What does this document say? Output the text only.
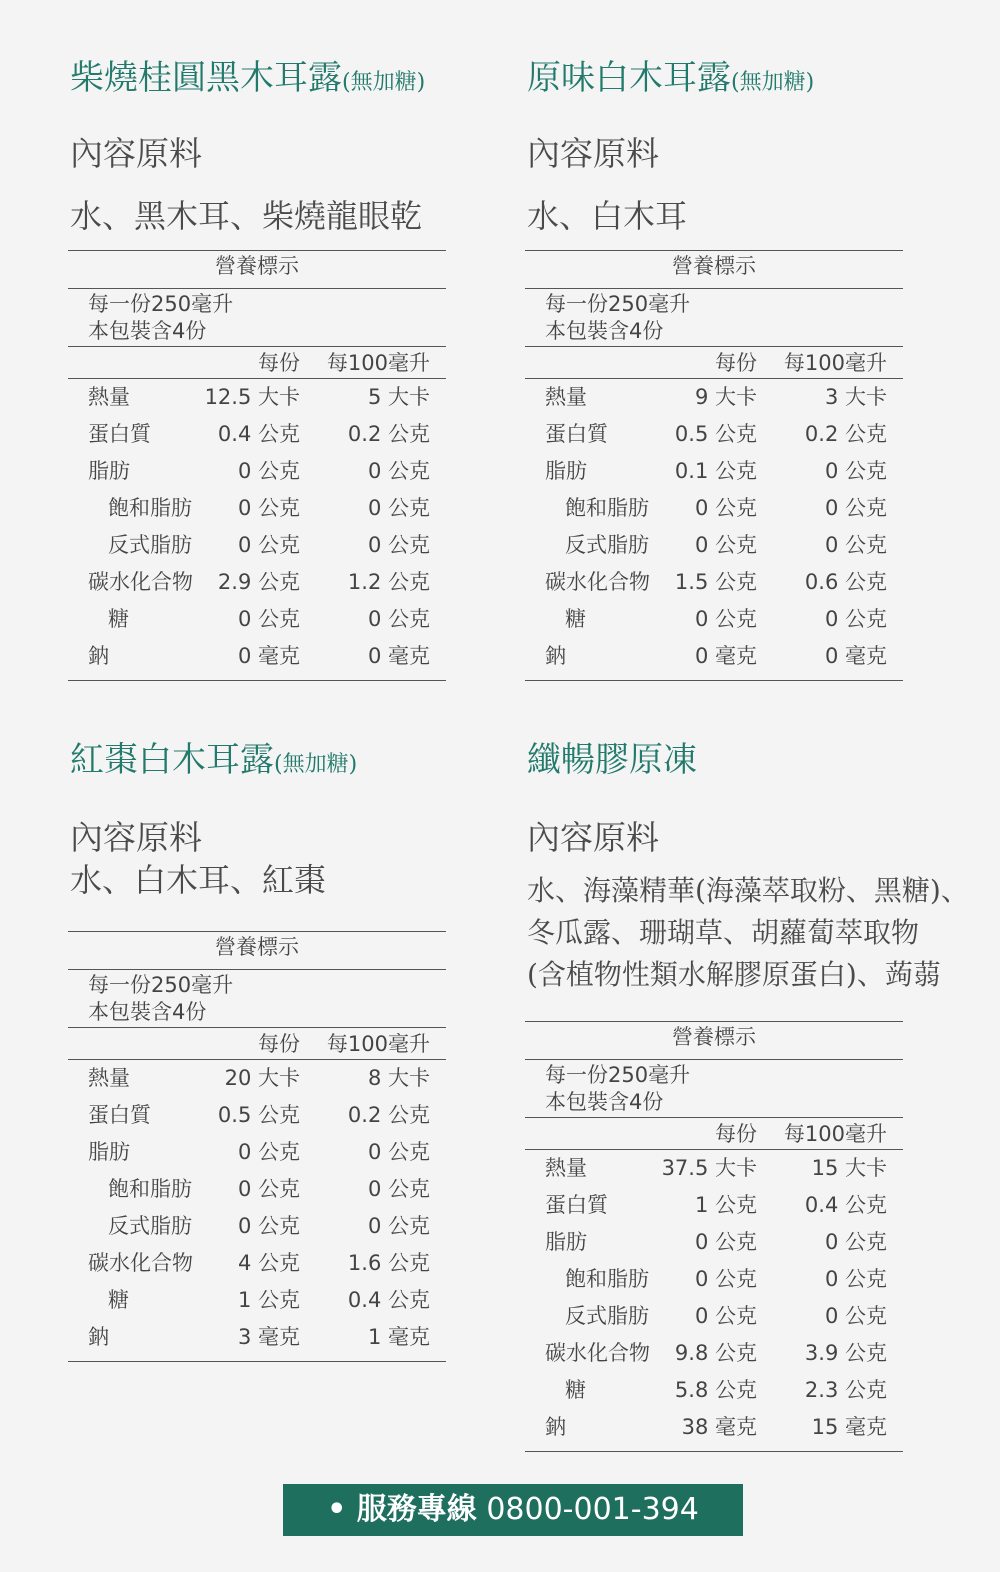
柴燒桂圓黑木耳露(無加糖)
內容原料
水、黑木耳、柴燒龍眼乾
營養標示
每一份250毫升
本包裝含4份
每份 每100毫升
熱量	12.5 大卡	5 大卡
蛋白質	0.4 公克 0.2 公克
脂肪	0 公克	0 公克
飽和脂肪 0 公克	0 公克
反式脂肪 0 公克	0 公克
碳水化合物 2.9 公克 1.2 公克
糖	0 公克	0 公克
鈉	0 毫克	0 毫克
原味白木耳露(無加糖)
內容原料
水、白木耳
營養標示
每一份250毫升
本包裝含4份
每份 每100毫升
熱量	9 大卡	3 大卡
蛋白質	0.5 公克 0.2 公克
脂肪	0.1 公克	0 公克
飽和脂肪 0 公克	0 公克
反式脂肪 0 公克	0 公克
碳水化合物 1.5 公克 0.6 公克
糖	0 公克	0 公克
鈉	0 毫克	0 毫克
紅棗白木耳露(無加糖)
內容原料
水、白木耳、紅棗
營養標示
每一份250毫升
本包裝含4份
每份 每100毫升
熱量	20 大卡	8 大卡
蛋白質	0.5 公克 0.2 公克
脂肪	0 公克	0 公克
飽和脂肪 0 公克	0 公克
反式脂肪 0 公克	0 公克
碳水化合物 4 公克 1.6 公克
糖	1 公克 0.4 公克
鈉	3 毫克	1 毫克
纖暢膠原凍
內容原料
水、海藻精華(海藻萃取粉、黑糖)、
冬瓜露、珊瑚草、胡蘿蔔萃取物
(含植物性類水解膠原蛋白)、蒟蒻
營養標示
每一份250毫升
本包裝含4份
每份 每100毫升
熱量	37.5 大卡	15 大卡
蛋白質	1 公克 0.4 公克
脂肪	0 公克	0 公克
飽和脂肪 0 公克	0 公克
反式脂肪 0 公克	0 公克
碳水化合物 9.8 公克 3.9 公克
糖	5.8 公克 2.3 公克
鈉	38 毫克	15 毫克
• 服務專線 0800-001-394
